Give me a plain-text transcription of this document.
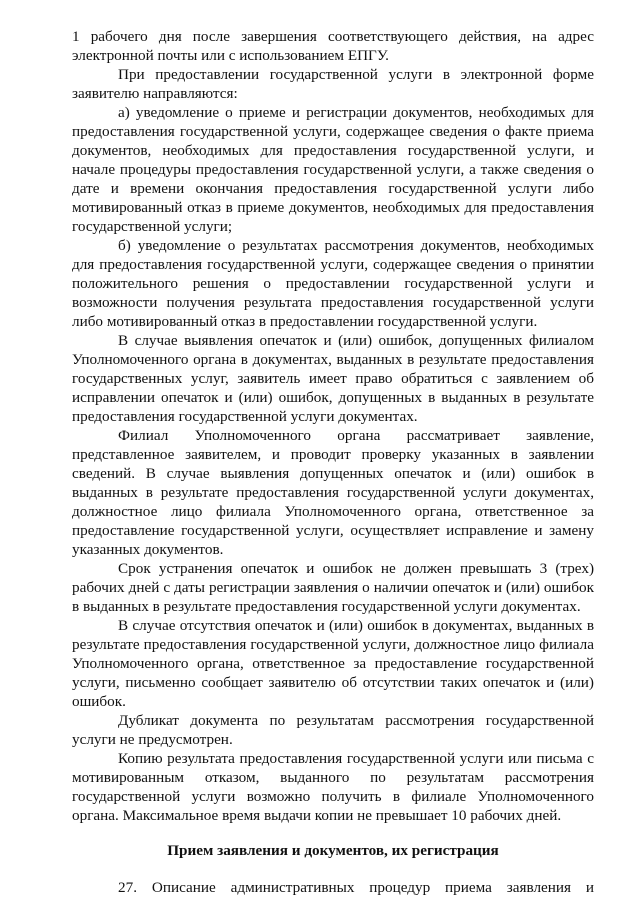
1 рабочего дня после завершения соответствующего действия, на адрес электронной почты или с использованием ЕПГУ.

При предоставлении государственной услуги в электронной форме заявителю направляются:

а) уведомление о приеме и регистрации документов, необходимых для предоставления государственной услуги, содержащее сведения о факте приема документов, необходимых для предоставления государственной услуги, и начале процедуры предоставления государственной услуги, а также сведения о дате и времени окончания предоставления государственной услуги либо мотивированный отказ в приеме документов, необходимых для предоставления государственной услуги;

б) уведомление о результатах рассмотрения документов, необходимых для предоставления государственной услуги, содержащее сведения о принятии положительного решения о предоставлении государственной услуги и возможности получения результата предоставления государственной услуги либо мотивированный отказ в предоставлении государственной услуги.

В случае выявления опечаток и (или) ошибок, допущенных филиалом Уполномоченного органа в документах, выданных в результате предоставления государственных услуг, заявитель имеет право обратиться с заявлением об исправлении опечаток и (или) ошибок, допущенных в выданных в результате предоставления государственной услуги документах.

Филиал Уполномоченного органа рассматривает заявление, представленное заявителем, и проводит проверку указанных в заявлении сведений. В случае выявления допущенных опечаток и (или) ошибок в выданных в результате предоставления государственной услуги документах, должностное лицо филиала Уполномоченного органа, ответственное за предоставление государственной услуги, осуществляет исправление и замену указанных документов.

Срок устранения опечаток и ошибок не должен превышать 3 (трех) рабочих дней с даты регистрации заявления о наличии опечаток и (или) ошибок в выданных в результате предоставления государственной услуги документах.

В случае отсутствия опечаток и (или) ошибок в документах, выданных в результате предоставления государственной услуги, должностное лицо филиала Уполномоченного органа, ответственное за предоставление государственной услуги, письменно сообщает заявителю об отсутствии таких опечаток и (или) ошибок.

Дубликат документа по результатам рассмотрения государственной услуги не предусмотрен.

Копию результата предоставления государственной услуги или письма с мотивированным отказом, выданного по результатам рассмотрения государственной услуги возможно получить в филиале Уполномоченного органа. Максимальное время выдачи копии не превышает 10 рабочих дней.

Прием заявления и документов, их регистрация

27. Описание административных процедур приема заявления и
